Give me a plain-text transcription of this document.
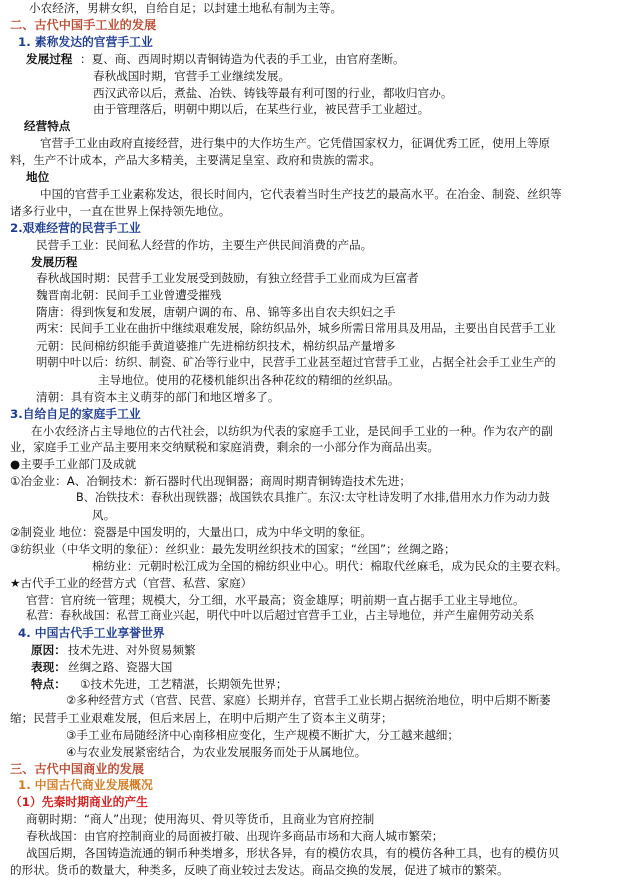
小农经济，男耕女织，自给自足；以封建土地私有制为主等。
二、古代中国手工业的发展
1. 素称发达的官营手工业
发展过程 ：夏、商、西周时期以青铜铸造为代表的手工业，由官府垄断。
春秋战国时期，官营手工业继续发展。
西汉武帝以后，煮盐、冶铁、铸钱等最有利可图的行业，都收归官办。
由于管理落后，明朝中期以后，在某些行业，被民营手工业超过。
经营特点
官营手工业由政府直接经营，进行集中的大作坊生产。它凭借国家权力，征调优秀工匠，使用上等原
料，生产不计成本，产品大多精美，主要满足皇室、政府和贵族的需求。
地位
中国的官营手工业素称发达，很长时间内，它代表着当时生产技艺的最高水平。在冶金、制瓷、丝织等
诸多行业中，一直在世界上保持领先地位。
2.艰难经营的民营手工业
民营手工业：民间私人经营的作坊，主要生产供民间消费的产品。
发展历程
春秋战国时期：民营手工业发展受到鼓励，有独立经营手工业而成为巨富者
魏晋南北朝：民间手工业曾遭受摧残
隋唐：得到恢复和发展，唐朝户调的布、帛、锦等多出自农夫织妇之手
两宋：民间手工业在曲折中继续艰难发展，除纺织品外，城乡所需日常用具及用品，主要出自民营手工业
元朝：民间棉纺织能手黄道婆推广先进棉纺织技术，棉纺织品产量增多
明朝中叶以后：纺织、制瓷、矿冶等行业中，民营手工业甚至超过官营手工业，占据全社会手工业生产的
主导地位。使用的花楼机能织出各种花纹的精细的丝织品。
清朝：具有资本主义萌芽的部门和地区增多了。
3.自给自足的家庭手工业
在小农经济占主导地位的古代社会，以纺织为代表的家庭手工业，是民间手工业的一种。作为农产的副
业，家庭手工业产品主要用来交纳赋税和家庭消费，剩余的一小部分作为商品出卖。
●主要手工业部门及成就
①冶金业：A、冶铜技术：新石器时代出现铜器；商周时期青铜铸造技术先进；
B、冶铁技术：春秋出现铁器；战国铁农具推广。东汉:太守杜诗发明了水排,借用水力作为动力鼓
风。
②制瓷业 地位：瓷器是中国发明的，大量出口，成为中华文明的象征。
③纺织业（中华文明的象征）：丝织业：最先发明丝织技术的国家；“丝国”；丝绸之路；
棉纺业：元朝时松江成为全国的棉纺织业中心。明代：棉取代丝麻毛，成为民众的主要衣料。
★古代手工业的经营方式（官营、私营、家庭）
官营：官府统一管理；规模大，分工细，水平最高；资金雄厚；明前期一直占据手工业主导地位。
私营：春秋战国：私营工商业兴起，明代中叶以后超过官营手工业，占主导地位，并产生雇佣劳动关系
4. 中国古代手工业享誉世界
原因： 技术先进、对外贸易频繁
表现： 丝绸之路、瓷器大国
特点： ①技术先进，工艺精湛，长期领先世界；
②多种经营方式（官营、民营、家庭）长期并存，官营手工业长期占据统治地位，明中后期不断萎
缩；民营手工业艰难发展，但后来居上，在明中后期产生了资本主义萌芽；
③手工业布局随经济中心南移相应变化，生产规模不断扩大，分工越来越细；
④与农业发展紧密结合，为农业发展服务而处于从属地位。
三、古代中国商业的发展
1. 中国古代商业发展概况
（1）先秦时期商业的产生
商朝时期：“商人”出现；使用海贝、骨贝等货币，且商业为官府控制
春秋战国：由官府控制商业的局面被打破、出现许多商品市场和大商人城市繁荣；
战国后期，各国铸造流通的铜币种类增多，形状各异，有的模仿农具，有的模仿各种工具，也有的模仿贝
的形状。货币的数量大，种类多，反映了商业较过去发达。商品交换的发展，促进了城市的繁荣。
